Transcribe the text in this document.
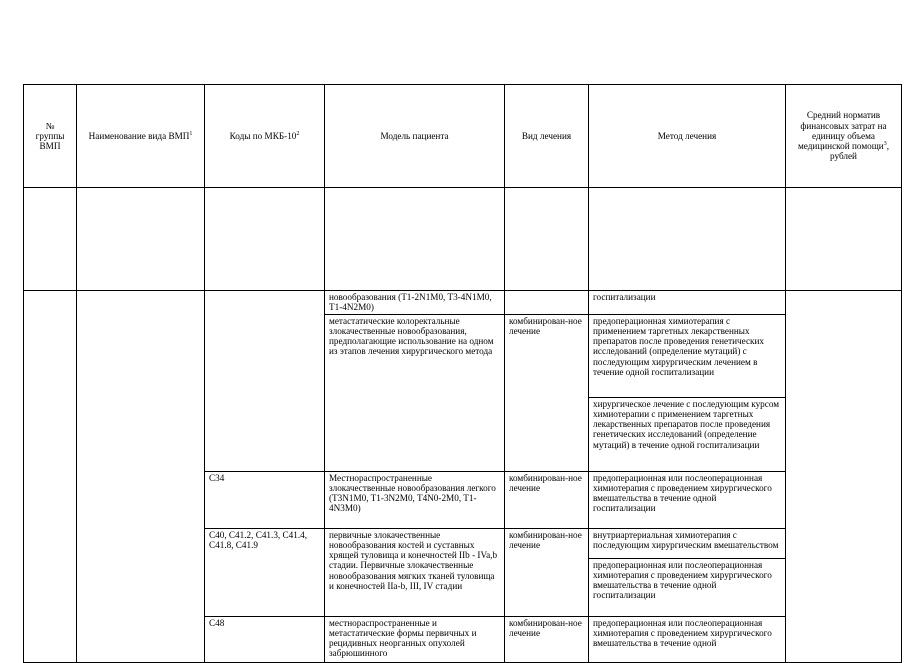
№
группы
ВМП	Наименование вида ВМП$^1$	Коды по МКБ-$10^2$	Модель пациента	Вид лечения	Метод лечения	Средний норматив финансовых затрат на единицу объема медицинской помощи$^3$, рублей

			новообразования (T1-2N1M0, T3-4N1M0, T1-4N2M0)		госпитализации	
			метастатические колоректальные злокачественные новообразования, предполагающие использование на одном из этапов лечения хирургического метода	комбинирован-ное лечение	предоперационная химиотерапия с применением таргетных лекарственных препаратов после проведения генетических исследований (определение мутаций) с последующим хирургическим лечением в течение одной госпитализации	
					хирургическое лечение с последующим курсом химиотерапии с применением таргетных лекарственных препаратов после проведения генетических исследований (определение мутаций) в течение одной госпитализации	
		С34	Местнораспространенные злокачественные новообразования легкого (T3N1M0, T1-3N2M0, T4N0-2M0, T1-4N3M0)	комбинирован-ное лечение	предоперационная или послеоперационная химиотерапия с проведением хирургического вмешательства в течение одной госпитализации	
		С40, С41.2, С41.3, С41.4, С41.8, С41.9	первичные злокачественные новообразования костей и суставных хрящей туловища и конечностей IIb - IVa,b стадии. Первичные злокачественные новообразования мягких тканей туловища и конечностей IIa-b, III, IV стадии	комбинирован-ное лечение	внутриартериальная химиотерапия с последующим хирургическим вмешательством	
					предоперационная или послеоперационная химиотерапия с проведением хирургического вмешательства в течение одной госпитализации	
		С48	местнораспространенные и метастатические формы первичных и рецидивных неорганных опухолей забрюшинного	комбинирован-ное лечение	предоперационная или послеоперационная химиотерапия с проведением хирургического вмешательства в течение одной	
